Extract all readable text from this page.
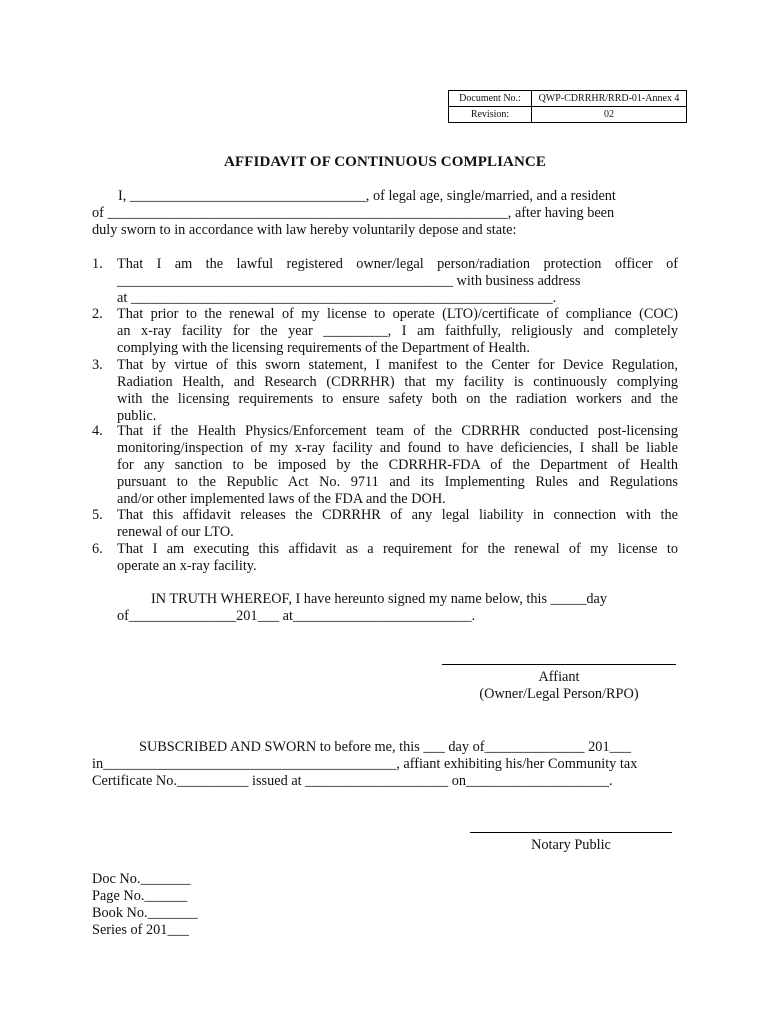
Document No.:	QWP-CDRRHR/RRD-01-Annex 4
Revision:	02
AFFIDAVIT OF CONTINUOUS COMPLIANCE
I, _________________________________, of legal age, single/married, and a resident
of ________________________________________________________, after having been
duly sworn to in accordance with law hereby voluntarily depose and state:
1. That I am the lawful registered owner/legal person/radiation protection officer of
_______________________________________________ with business address
at ___________________________________________________________.
2. That prior to the renewal of my license to operate (LTO)/certificate of compliance (COC)
an x-ray facility for the year _________, I am faithfully, religiously and completely
complying with the licensing requirements of the Department of Health.
3. That by virtue of this sworn statement, I manifest to the Center for Device Regulation,
Radiation Health, and Research (CDRRHR) that my facility is continuously complying
with the licensing requirements to ensure safety both on the radiation workers and the
public.
4. That if the Health Physics/Enforcement team of the CDRRHR conducted post-licensing
monitoring/inspection of my x-ray facility and found to have deficiencies, I shall be liable
for any sanction to be imposed by the CDRRHR-FDA of the Department of Health
pursuant to the Republic Act No. 9711 and its Implementing Rules and Regulations
and/or other implemented laws of the FDA and the DOH.
5. That this affidavit releases the CDRRHR of any legal liability in connection with the
renewal of our LTO.
6. That I am executing this affidavit as a requirement for the renewal of my license to
operate an x-ray facility.
IN TRUTH WHEREOF, I have hereunto signed my name below, this _____day
of_______________201___ at_________________________.
Affiant
(Owner/Legal Person/RPO)
SUBSCRIBED AND SWORN to before me, this ___ day of______________ 201___
in_________________________________________, affiant exhibiting his/her Community tax
Certificate No.__________ issued at ____________________ on____________________.
Notary Public
Doc No._______
Page No.______
Book No._______
Series of 201___
